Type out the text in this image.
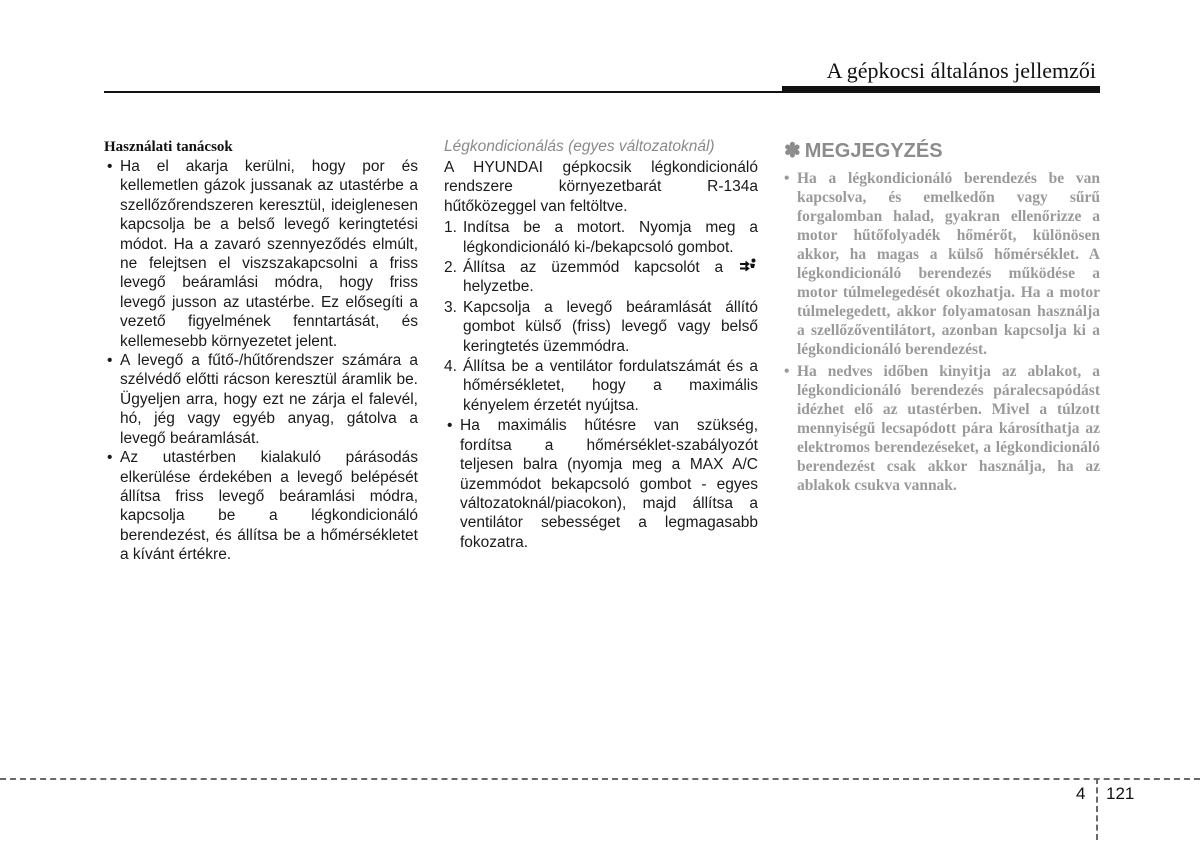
A gépkocsi általános jellemzői
Használati tanácsok
• Ha el akarja kerülni, hogy por és kellemetlen gázok jussanak az utastérbe a szellőzőrendszeren keresztül, ideiglenesen kapcsolja be a belső levegő keringtetési módot. Ha a zavaró szennyeződés elmúlt, ne felejtsen el viszszakapcsolni a friss levegő beáramlási módra, hogy friss levegő jusson az utastérbe. Ez elősegíti a vezető figyelmének fenntartását, és kellemesebb környezetet jelent.
• A levegő a fűtő-/hűtőrendszer számára a szélvédő előtti rácson keresztül áramlik be. Ügyeljen arra, hogy ezt ne zárja el falevél, hó, jég vagy egyéb anyag, gátolva a levegő beáramlását.
• Az utastérben kialakuló párásodás elkerülése érdekében a levegő belépését állítsa friss levegő beáramlási módra, kapcsolja be a légkondicionáló berendezést, és állítsa be a hőmérsékletet a kívánt értékre.
Légkondicionálás (egyes változatoknál)
A HYUNDAI gépkocsik légkondicionáló rendszere környezetbarát R-134a hűtőközeggel van feltöltve.
1. Indítsa be a motort. Nyomja meg a légkondicionáló ki-/bekapcsoló gombot.
2. Állítsa az üzemmód kapcsolót a  helyzetbe.
3. Kapcsolja a levegő beáramlását állító gombot külső (friss) levegő vagy belső keringtetés üzemmódra.
4. Állítsa be a ventilátor fordulatszámát és a hőmérsékletet, hogy a maximális kényelem érzetét nyújtsa.
• Ha maximális hűtésre van szükség, fordítsa a hőmérséklet-szabályozót teljesen balra (nyomja meg a MAX A/C üzemmódot bekapcsoló gombot - egyes változatoknál/piacokon), majd állítsa a ventilátor sebességet a legmagasabb fokozatra.
✽ MEGJEGYZÉS
• Ha a légkondicionáló berendezés be van kapcsolva, és emelkedőn vagy sűrű forgalomban halad, gyakran ellenőrizze a motor hűtőfolyadék hőmérőt, különösen akkor, ha magas a külső hőmérséklet. A légkondicionáló berendezés működése a motor túlmelegedését okozhatja. Ha a motor túlmelegedett, akkor folyamatosan használja a szellőzőventilátort, azonban kapcsolja ki a légkondicionáló berendezést.
• Ha nedves időben kinyitja az ablakot, a légkondicionáló berendezés páralecsapódást idézhet elő az utastérben. Mivel a túlzott mennyiségű lecsapódott pára károsíthatja az elektromos berendezéseket, a légkondicionáló berendezést csak akkor használja, ha az ablakok csukva vannak.
4 121
